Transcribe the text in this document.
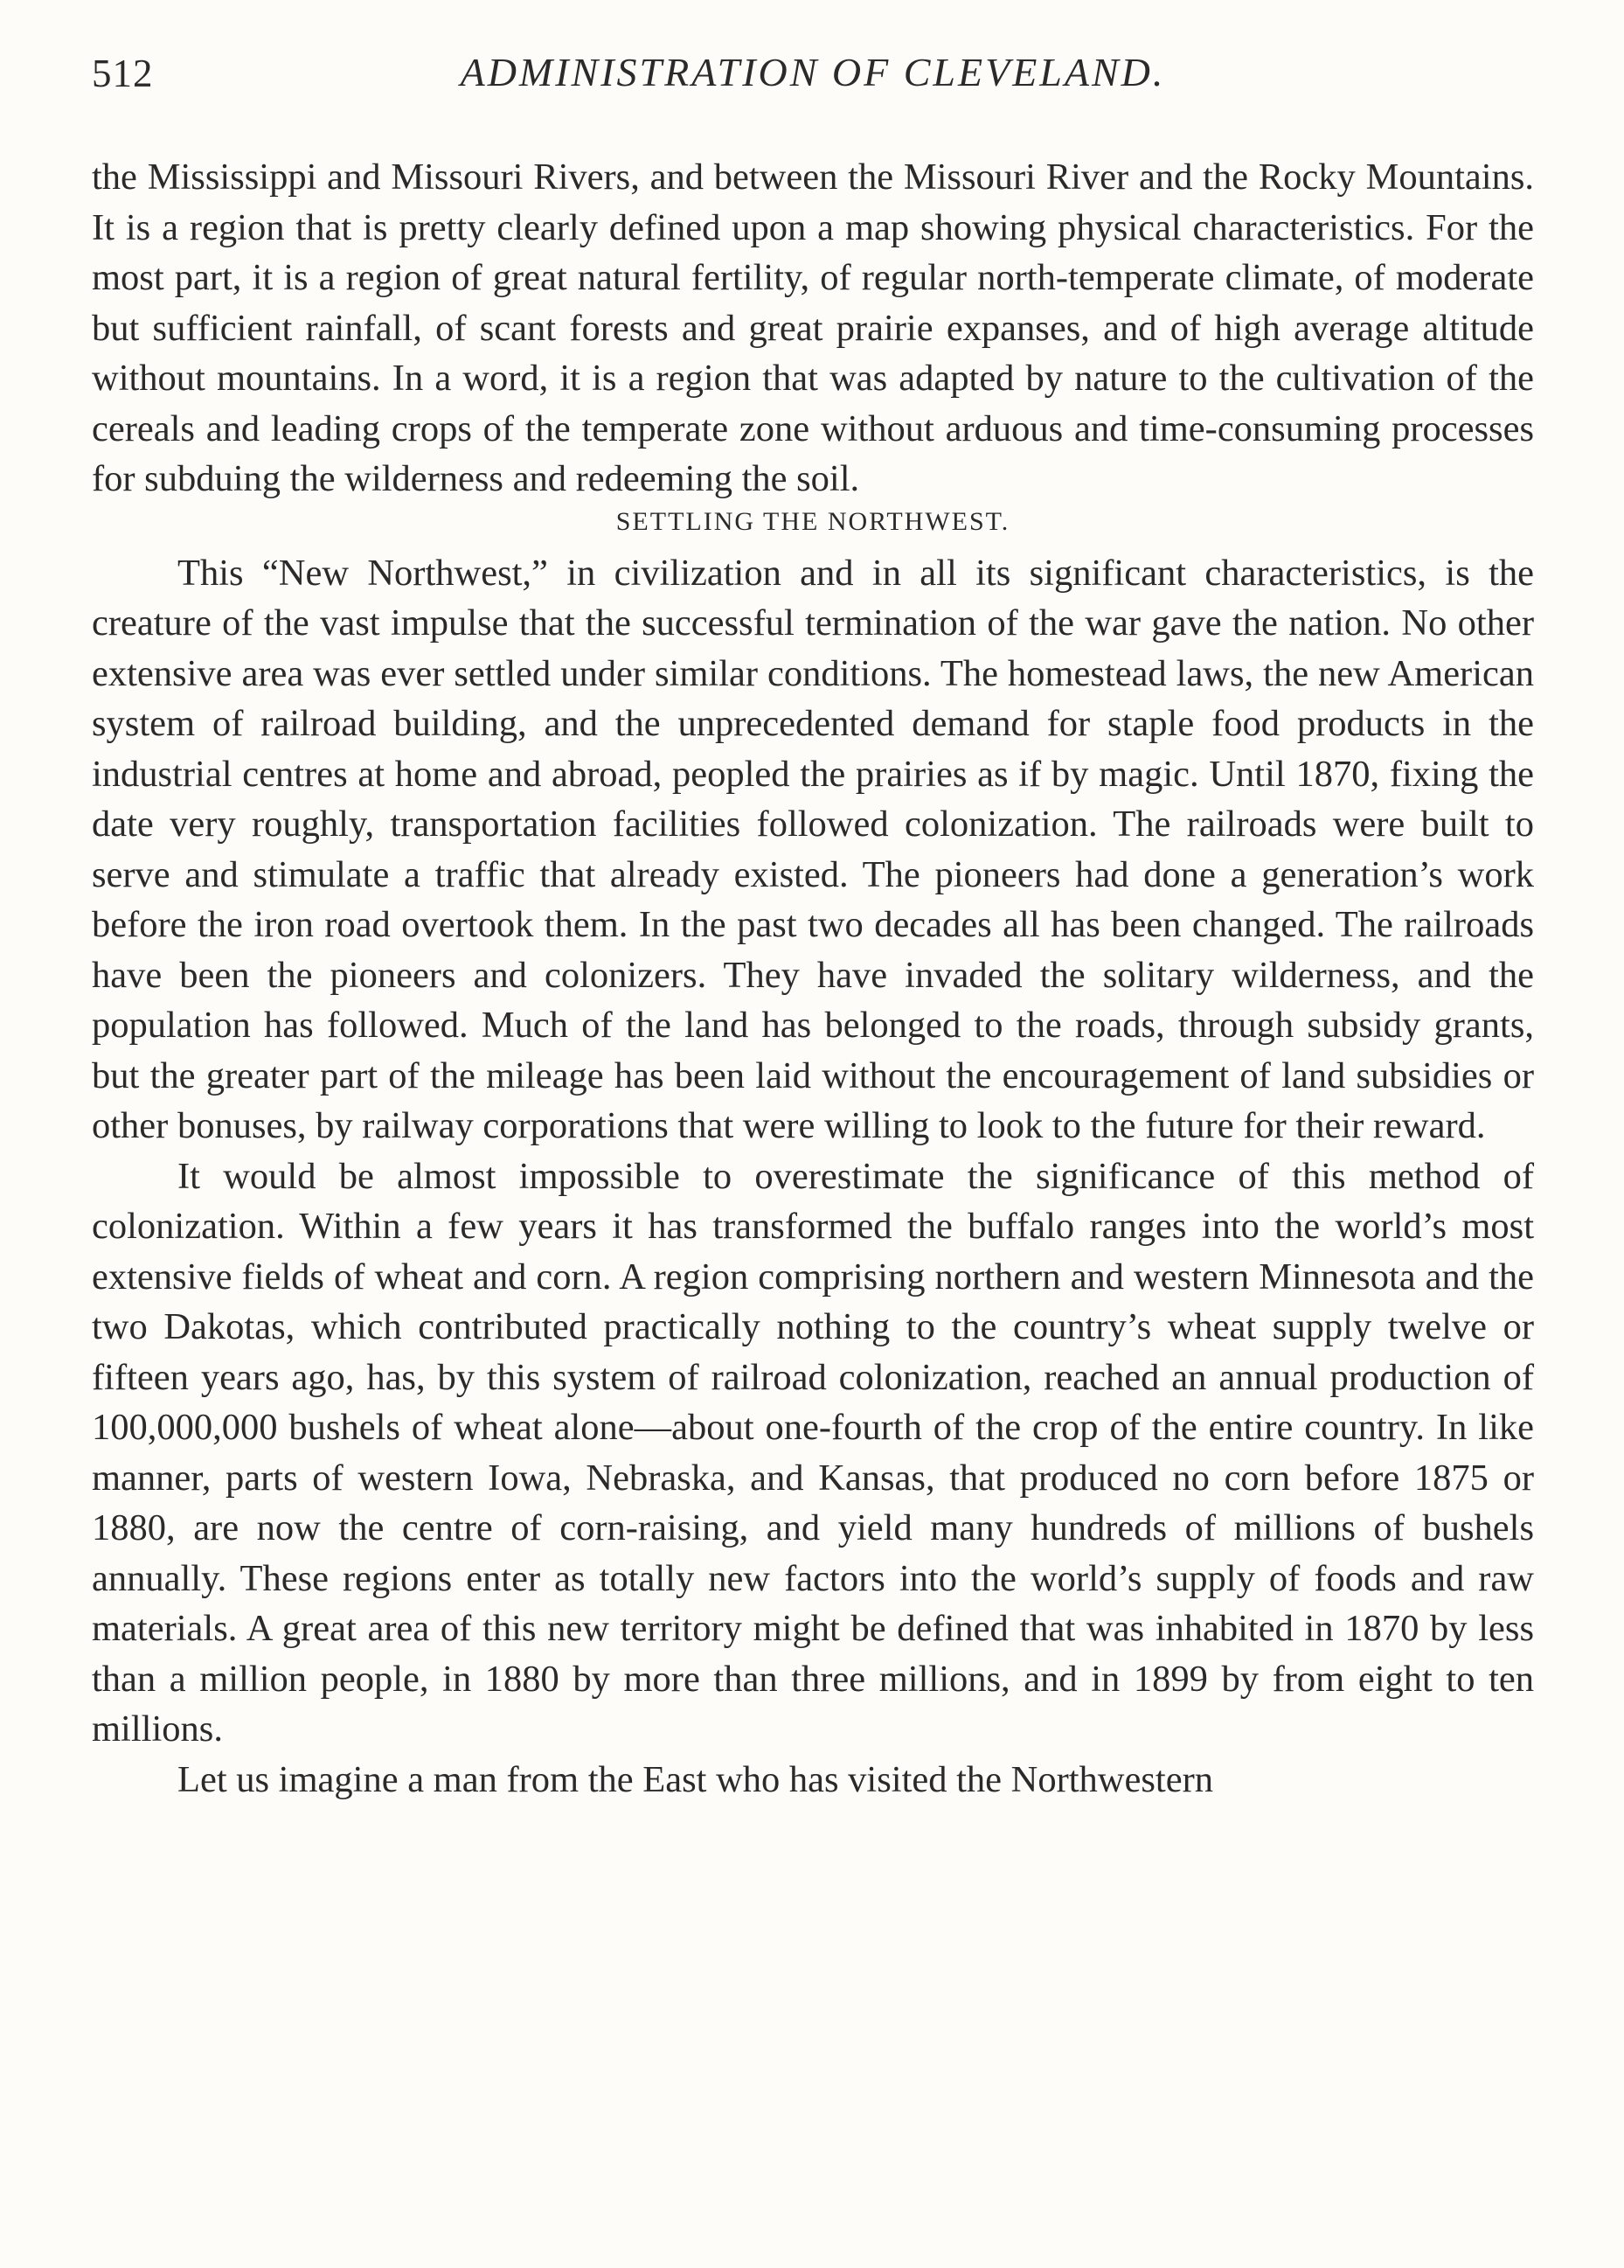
512	ADMINISTRATION OF CLEVELAND.

the Mississippi and Missouri Rivers, and between the Missouri River and the Rocky Mountains. It is a region that is pretty clearly defined upon a map showing physical characteristics. For the most part, it is a region of great natural fertility, of regular north-temperate climate, of moderate but sufficient rainfall, of scant forests and great prairie expanses, and of high average altitude without mountains. In a word, it is a region that was adapted by nature to the cultivation of the cereals and leading crops of the temperate zone without arduous and time-consuming processes for subduing the wilderness and redeeming the soil.

SETTLING THE NORTHWEST.

This “New Northwest,” in civilization and in all its significant characteristics, is the creature of the vast impulse that the successful termination of the war gave the nation. No other extensive area was ever settled under similar conditions. The homestead laws, the new American system of railroad building, and the unprecedented demand for staple food products in the industrial centres at home and abroad, peopled the prairies as if by magic. Until 1870, fixing the date very roughly, transportation facilities followed colonization. The railroads were built to serve and stimulate a traffic that already existed. The pioneers had done a generation’s work before the iron road overtook them. In the past two decades all has been changed. The railroads have been the pioneers and colonizers. They have invaded the solitary wilderness, and the population has followed. Much of the land has belonged to the roads, through subsidy grants, but the greater part of the mileage has been laid without the encouragement of land subsidies or other bonuses, by railway corporations that were willing to look to the future for their reward.

It would be almost impossible to overestimate the significance of this method of colonization. Within a few years it has transformed the buffalo ranges into the world’s most extensive fields of wheat and corn. A region comprising northern and western Minnesota and the two Dakotas, which contributed practically nothing to the country’s wheat supply twelve or fifteen years ago, has, by this system of railroad colonization, reached an annual production of 100,000,000 bushels of wheat alone—about one-fourth of the crop of the entire country. In like manner, parts of western Iowa, Nebraska, and Kansas, that produced no corn before 1875 or 1880, are now the centre of corn-raising, and yield many hundreds of millions of bushels annually. These regions enter as totally new factors into the world’s supply of foods and raw materials. A great area of this new territory might be defined that was inhabited in 1870 by less than a million people, in 1880 by more than three millions, and in 1899 by from eight to ten millions.

Let us imagine a man from the East who has visited the Northwestern
